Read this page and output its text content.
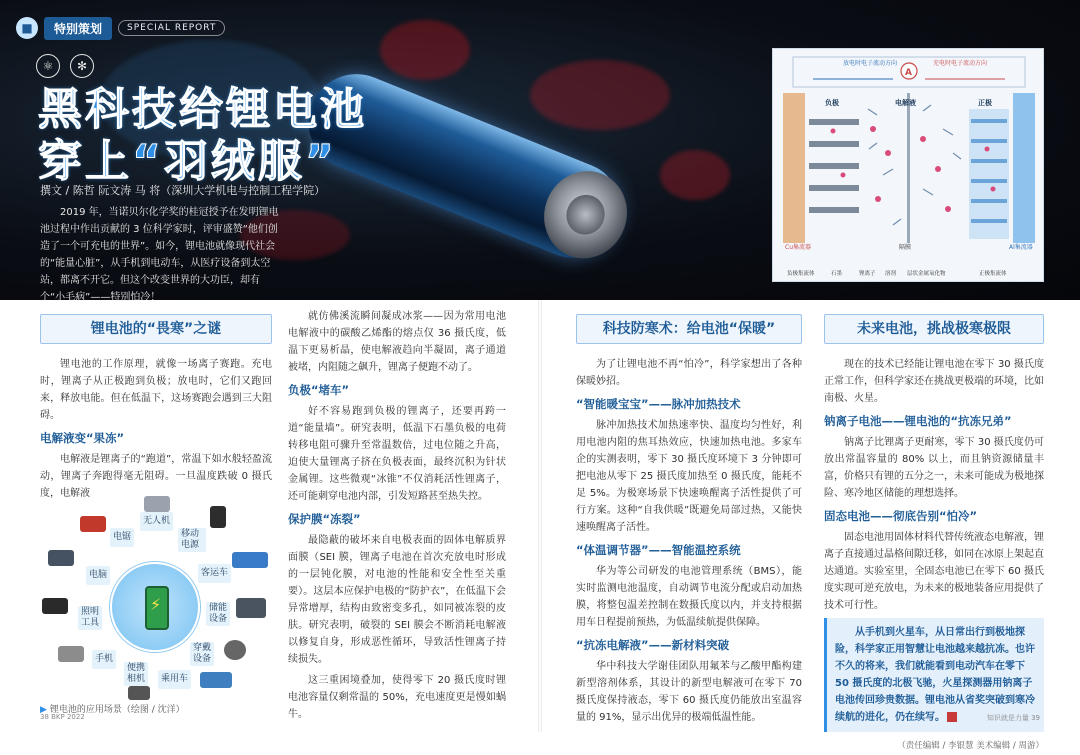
■	特别策划	SPECIAL REPORT
⚛	✻
黑科技给锂电池
穿上“羽绒服”
撰文 / 陈哲 阮文涛 马 将（深圳大学机电与控制工程学院）
2019 年，当诺贝尔化学奖的桂冠授予在发明锂电池过程中作出贡献的 3 位科学家时，评审盛赞“他们创造了一个可充电的世界”。如今，锂电池就像现代社会的“能量心脏”，从手机到电动车，从医疗设备到太空站，都离不开它。但这个改变世界的大功臣，却有个“小毛病”——特别怕冷！
放电时电子流动方向	充电时电子流动方向
A
负极	电解液	正极
Cu集流器	隔膜	Al集流器
负极集流体	石墨	锂离子 溶剂 层状金属氧化物	正极集流体
锂电池的“畏寒”之谜

锂电池的工作原理，就像一场离子赛跑。充电时，锂离子从正极跑到负极；放电时，它们又跑回来，释放电能。但在低温下，这场赛跑会遇到三大阻碍。

电解液变“果冻”

电解液是锂离子的“跑道”，常温下如水般轻盈流动，锂离子奔跑得毫无阻碍。一旦温度跌破 0 摄氏度，电解液

⚡
电锯
无人机
移动电源
电脑	客运车
照明工具
储能设备
手机
穿戴设备
便携相机	乘用车
▶ 锂电池的应用场景（绘图 / 沈洋）

就仿佛溪流瞬间凝成冰浆——因为常用电池电解液中的碳酸乙烯酯的熔点仅 36 摄氏度，低温下更易析晶，使电解液趋向半凝固，离子通道被堵，内阻随之飙升，锂离子便跑不动了。

负极“堵车”

好不容易跑到负极的锂离子，还要再跨一道“能量墙”。研究表明，低温下石墨负极的电荷转移电阻可骤升至常温数倍，过电位随之升高，迫使大量锂离子挤在负极表面，最终沉积为针状金属锂。这些微观“冰锥”不仅消耗活性锂离子，还可能刺穿电池内部，引发短路甚至热失控。

保护膜“冻裂”

最隐蔽的破坏来自电极表面的固体电解质界面膜（SEI 膜，锂离子电池在首次充放电时形成的一层钝化膜，对电池的性能和安全性至关重要）。这层本应保护电极的“防护衣”，在低温下会异常增厚，结构由致密变多孔，如同被冻裂的皮肤。研究表明，破裂的 SEI 膜会不断消耗电解液以修复自身，形成恶性循环，导致活性锂离子持续损失。

这三重困境叠加，使得零下 20 摄氏度时锂电池容量仅剩常温的 50%，充电速度更是慢如蜗牛。

科技防寒术：给电池“保暖”

为了让锂电池不再“怕冷”，科学家想出了各种保暖妙招。

“智能暖宝宝”——脉冲加热技术

脉冲加热技术加热速率快、温度均匀性好，利用电池内阻的焦耳热效应，快速加热电池。多家车企的实测表明，零下 30 摄氏度环境下 3 分钟即可把电池从零下 25 摄氏度加热至 0 摄氏度，能耗不足 5%。为极寒场景下快速唤醒离子活性提供了可行方案。这种“自我供暖”既避免局部过热，又能快速唤醒离子活性。

“体温调节器”——智能温控系统

华为等公司研发的电池管理系统（BMS），能实时监测电池温度，自动调节电流分配或启动加热膜，将整包温差控制在数摄氏度以内，并支持根据用车日程提前预热，为低温续航提供保障。

“抗冻电解液”——新材料突破

华中科技大学谢佳团队用氟苯与乙酸甲酯构建新型溶剂体系，其设计的新型电解液可在零下 70 摄氏度保持液态，零下 60 摄氏度仍能放出室温容量的 91%，显示出优异的极端低温性能。

未来电池，挑战极寒极限

现在的技术已经能让锂电池在零下 30 摄氏度正常工作，但科学家还在挑战更极端的环境，比如南极、火星。

钠离子电池——锂电池的“抗冻兄弟”

钠离子比锂离子更耐寒，零下 30 摄氏度仍可放出常温容量的 80% 以上，而且钠资源储量丰富，价格只有锂的五分之一，未来可能成为极地探险、寒冷地区储能的理想选择。

固态电池——彻底告别“怕冷”

固态电池用固体材料代替传统液态电解液，锂离子直接通过晶格间隙迁移，如同在冰原上架起直达通道。实验室里，全固态电池已在零下 60 摄氏度实现可逆充放电，为未来的极地装备应用提供了技术可行性。

从手机到火星车，从日常出行到极地探险，科学家正用智慧让电池越来越抗冻。也许不久的将来，我们就能看到电动汽车在零下 50 摄氏度的北极飞驰，火星探测器用钠离子电池传回珍贵数据。锂电池从省奖突破到寒冷续航的进化，仍在续写。
（责任编辑 / 李银慧 美术编辑 / 周游）
38 BKP 2022	知识就是力量 39
